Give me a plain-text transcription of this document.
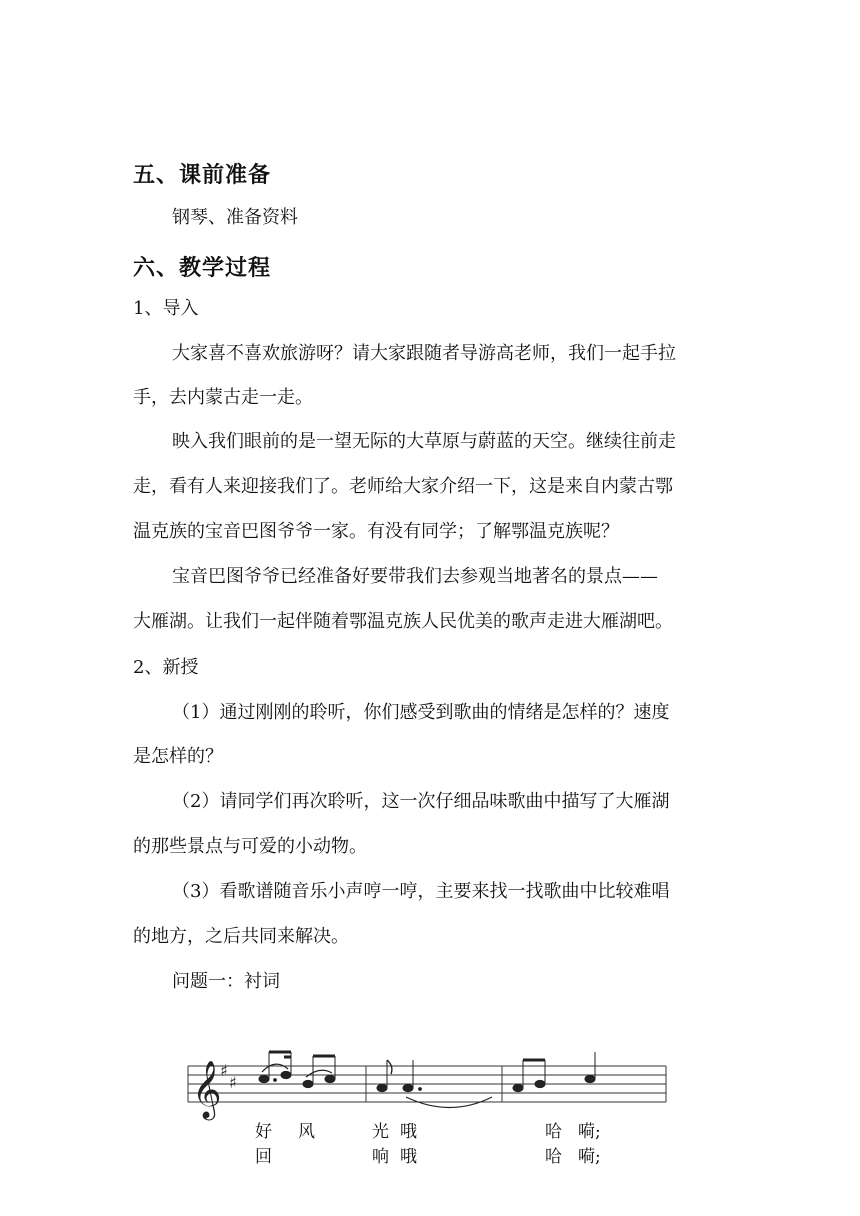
五、课前准备
钢琴、准备资料
六、教学过程
1、导入
大家喜不喜欢旅游呀？请大家跟随者导游高老师，我们一起手拉
手，去内蒙古走一走。
映入我们眼前的是一望无际的大草原与蔚蓝的天空。继续往前走
走，看有人来迎接我们了。老师给大家介绍一下，这是来自内蒙古鄂
温克族的宝音巴图爷爷一家。有没有同学；了解鄂温克族呢？
宝音巴图爷爷已经准备好要带我们去参观当地著名的景点——
大雁湖。让我们一起伴随着鄂温克族人民优美的歌声走进大雁湖吧。
2、新授
（1）通过刚刚的聆听，你们感受到歌曲的情绪是怎样的？速度
是怎样的？
（2）请同学们再次聆听，这一次仔细品味歌曲中描写了大雁湖
的那些景点与可爱的小动物。
（3）看歌谱随音乐小声哼一哼，主要来找一找歌曲中比较难唱
的地方，之后共同来解决。
问题一：衬词
𝄞
♯
♯
好 风	光 哦	哈 嗬;
回	响 哦	哈 嗬;
